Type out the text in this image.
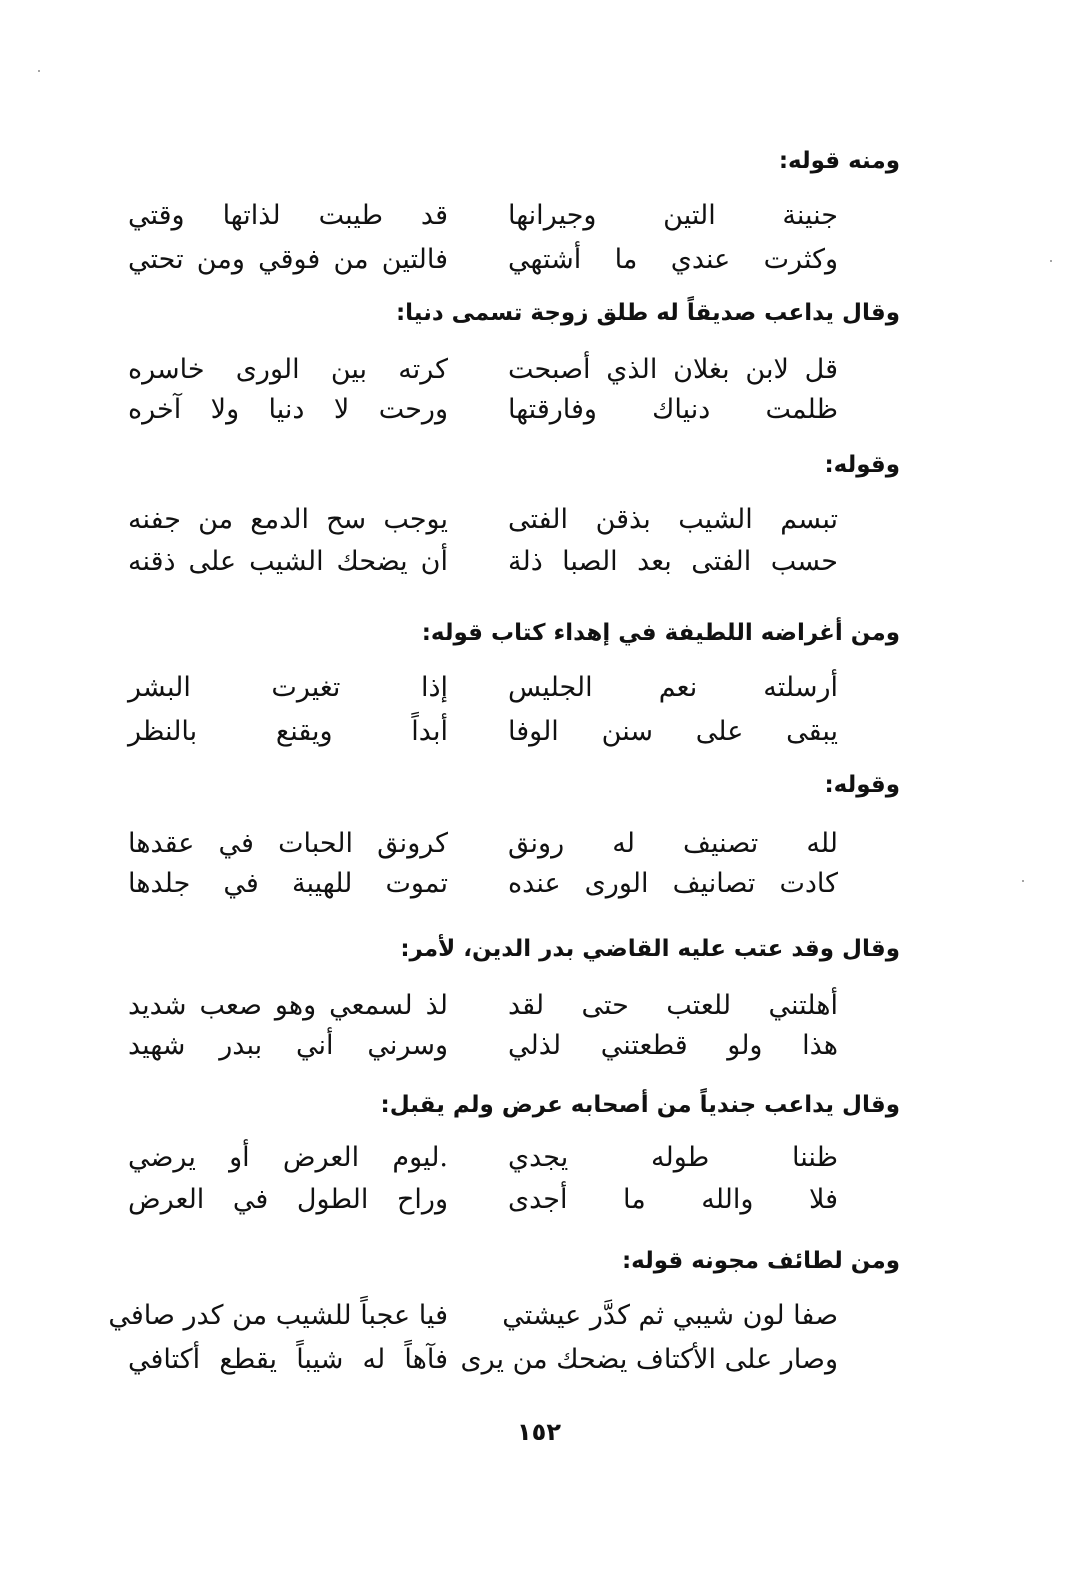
ومنه قوله:
جنينة التين وجيرانها
قد طيبت لذاتها وقتي
وكثرت عندي ما أشتهي
فالتين من فوقي ومن تحتي
وقال يداعب صديقاً له طلق زوجة تسمى دنيا:
قل لابن بغلان الذي أصبحت
كرته بين الورى خاسره
ظلمت دنياك وفارقتها
ورحت لا دنيا ولا آخره
وقوله:
تبسم الشيب بذقن الفتى
يوجب سح الدمع من جفنه
حسب الفتى بعد الصبا ذلة
أن يضحك الشيب على ذقنه
ومن أغراضه اللطيفة في إهداء كتاب قوله:
أرسلته نعم الجليس
إذا تغيرت البشر
يبقى على سنن الوفا
أبداً ويقنع بالنظر
وقوله:
لله تصنيف له رونق
كرونق الحبات في عقدها
كادت تصانيف الورى عنده
تموت للهيبة في جلدها
وقال وقد عتب عليه القاضي بدر الدين، لأمر:
أهلتني للعتب حتى لقد
لذ لسمعي وهو صعب شديد
هذا ولو قطعتني لذلي
وسرني أني ببدر شهيد
وقال يداعب جندياً من أصحابه عرض ولم يقبل:
ظننا طوله يجدي
.ليوم العرض أو يرضي
فلا والله ما أجدى
وراح الطول في العرض
ومن لطائف مجونه قوله:
صفا لون شيبي ثم كدَّر عيشتي
فيا عجباً للشيب من كدر صافي
وصار على الأكتاف يضحك من يرى
فآهاً له شيباً يقطع أكتافي
١٥٢
